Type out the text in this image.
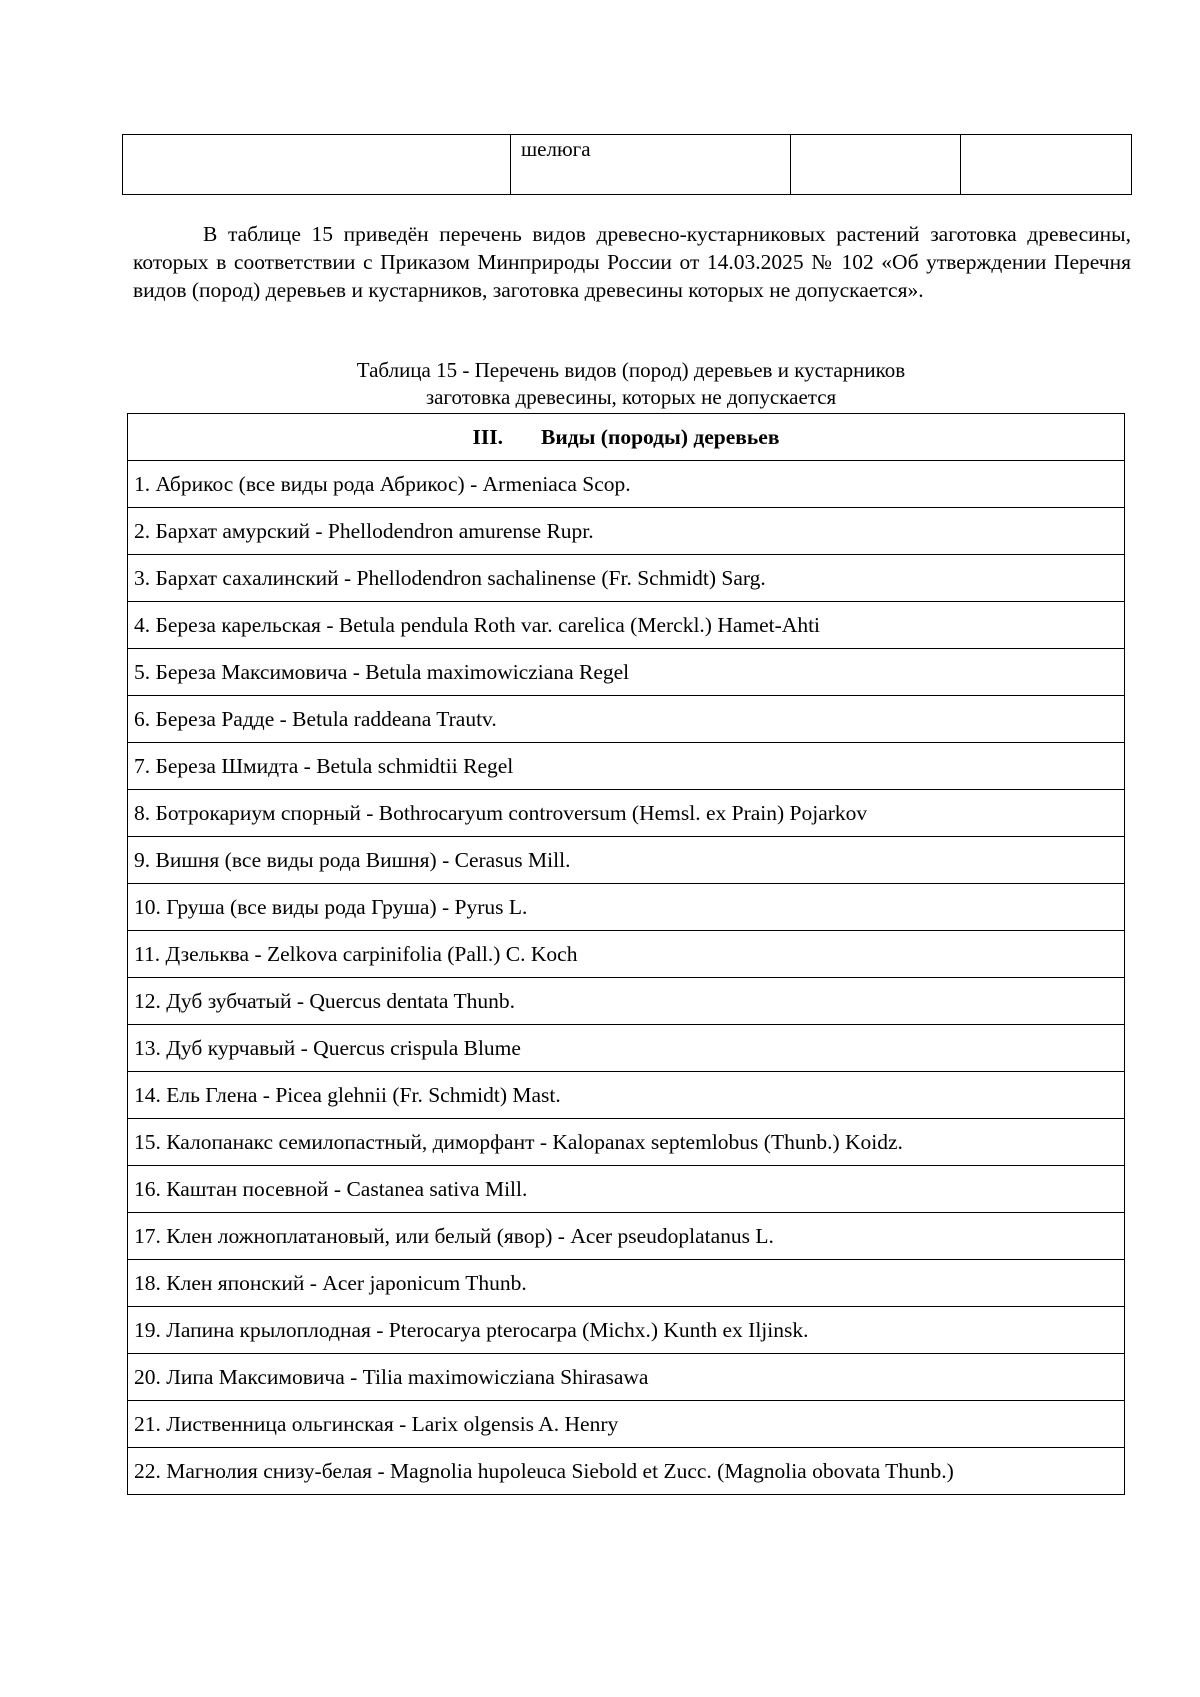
	шелюга		

В таблице 15 приведён перечень видов древесно-кустарниковых растений заготовка древесины, которых в соответствии с Приказом Минприроды России от 14.03.2025 № 102 «Об утверждении Перечня видов (пород) деревьев и кустарников, заготовка древесины которых не допускается».

Таблица 15 - Перечень видов (пород) деревьев и кустарников
заготовка древесины, которых не допускается

III. Виды (породы) деревьев
1. Абрикос (все виды рода Абрикос) - Armeniaca Scop.
2. Бархат амурский - Phellodendron amurense Rupr.
3. Бархат сахалинский - Phellodendron sachalinense (Fr. Schmidt) Sarg.
4. Береза карельская - Betula pendula Roth var. carelica (Merckl.) Hamet-Ahti
5. Береза Максимовича - Betula maximowicziana Regel
6. Береза Радде - Betula raddeana Trautv.
7. Береза Шмидта - Betula schmidtii Regel
8. Ботрокариум спорный - Bothrocaryum controversum (Hemsl. ex Prain) Pojarkov
9. Вишня (все виды рода Вишня) - Cerasus Mill.
10. Груша (все виды рода Груша) - Pyrus L.
11. Дзельква - Zelkova carpinifolia (Pall.) C. Koch
12. Дуб зубчатый - Quercus dentata Thunb.
13. Дуб курчавый - Quercus crispula Blume
14. Ель Глена - Picea glehnii (Fr. Schmidt) Mast.
15. Калопанакс семилопастный, диморфант - Kalopanax septemlobus (Thunb.) Koidz.
16. Каштан посевной - Castanea sativa Mill.
17. Клен ложноплатановый, или белый (явор) - Acer pseudoplatanus L.
18. Клен японский - Acer japonicum Thunb.
19. Лапина крылоплодная - Pterocarya pterocarpa (Michx.) Kunth ex Iljinsk.
20. Липа Максимовича - Tilia maximowicziana Shirasawa
21. Лиственница ольгинская - Larix olgensis A. Henry
22. Магнолия снизу-белая - Magnolia hupoleuca Siebold et Zucc. (Magnolia obovata Thunb.)
